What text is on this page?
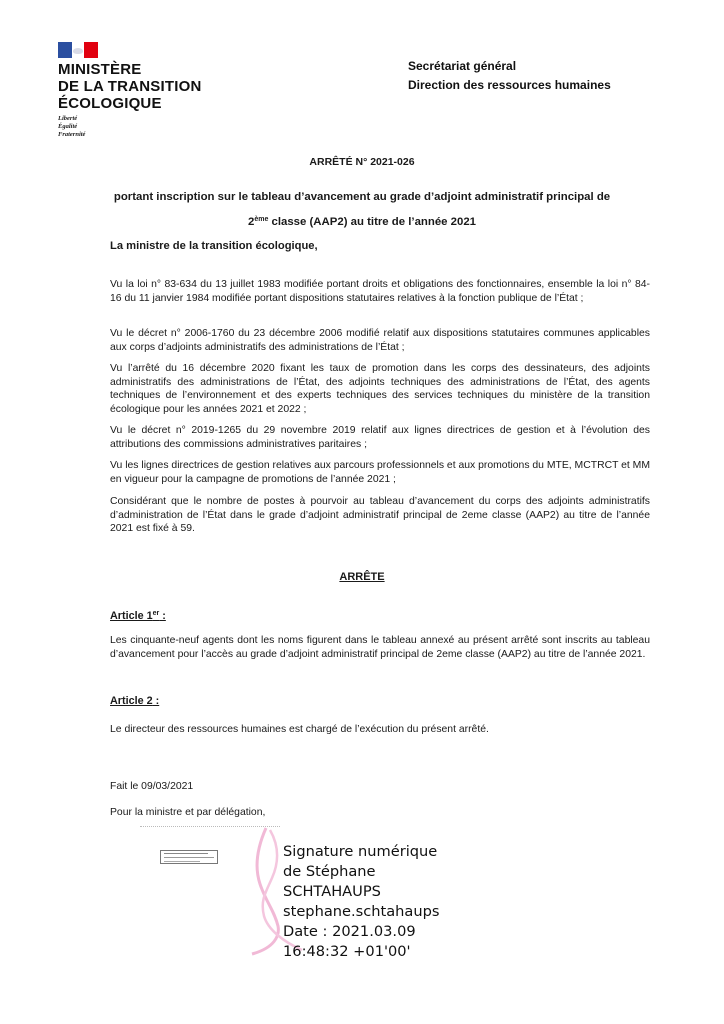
MINISTÈRE
DE LA TRANSITION
ÉCOLOGIQUE
Liberté
Égalité
Fraternité
Secrétariat général
Direction des ressources humaines
ARRÊTÉ N° 2021-026
portant inscription sur le tableau d’avancement au grade d’adjoint administratif principal de
2ème classe (AAP2) au titre de l’année 2021
La ministre de la transition écologique,
Vu la loi n° 83-634 du 13 juillet 1983 modifiée portant droits et obligations des fonctionnaires, ensemble la loi n° 84-16 du 11 janvier 1984 modifiée portant dispositions statutaires relatives à la fonction publique de l’État ;
Vu le décret n° 2006-1760 du 23 décembre 2006 modifié relatif aux dispositions statutaires communes applicables aux corps d’adjoints administratifs des administrations de l’État ;
Vu l’arrêté du 16 décembre 2020 fixant les taux de promotion dans les corps des dessinateurs, des adjoints administratifs des administrations de l’État, des adjoints techniques des administrations de l’État, des agents techniques de l’environnement et des experts techniques des services techniques du ministère de la transition écologique pour les années 2021 et 2022 ;
Vu le décret n° 2019-1265 du 29 novembre 2019 relatif aux lignes directrices de gestion et à l’évolution des attributions des commissions administratives paritaires ;
Vu les lignes directrices de gestion relatives aux parcours professionnels et aux promotions du MTE, MCTRCT et MM en vigueur pour la campagne de promotions de l’année 2021 ;
Considérant que le nombre de postes à pourvoir au tableau d’avancement du corps des adjoints administratifs d’administration de l’État dans le grade d’adjoint administratif principal de 2eme classe (AAP2) au titre de l’année 2021 est fixé à 59.
ARRÊTE
Article 1er :
Les cinquante-neuf agents dont les noms figurent dans le tableau annexé au présent arrêté sont inscrits au tableau d’avancement pour l’accès au grade d’adjoint administratif principal de 2eme classe (AAP2) au titre de l’année 2021.
Article 2 :
Le directeur des ressources humaines est chargé de l’exécution du présent arrêté.
Fait le 09/03/2021
Pour la ministre et par délégation,
Signature numérique
de Stéphane
SCHTAHAUPS
stephane.schtahaups
Date : 2021.03.09
16:48:32 +01'00'
